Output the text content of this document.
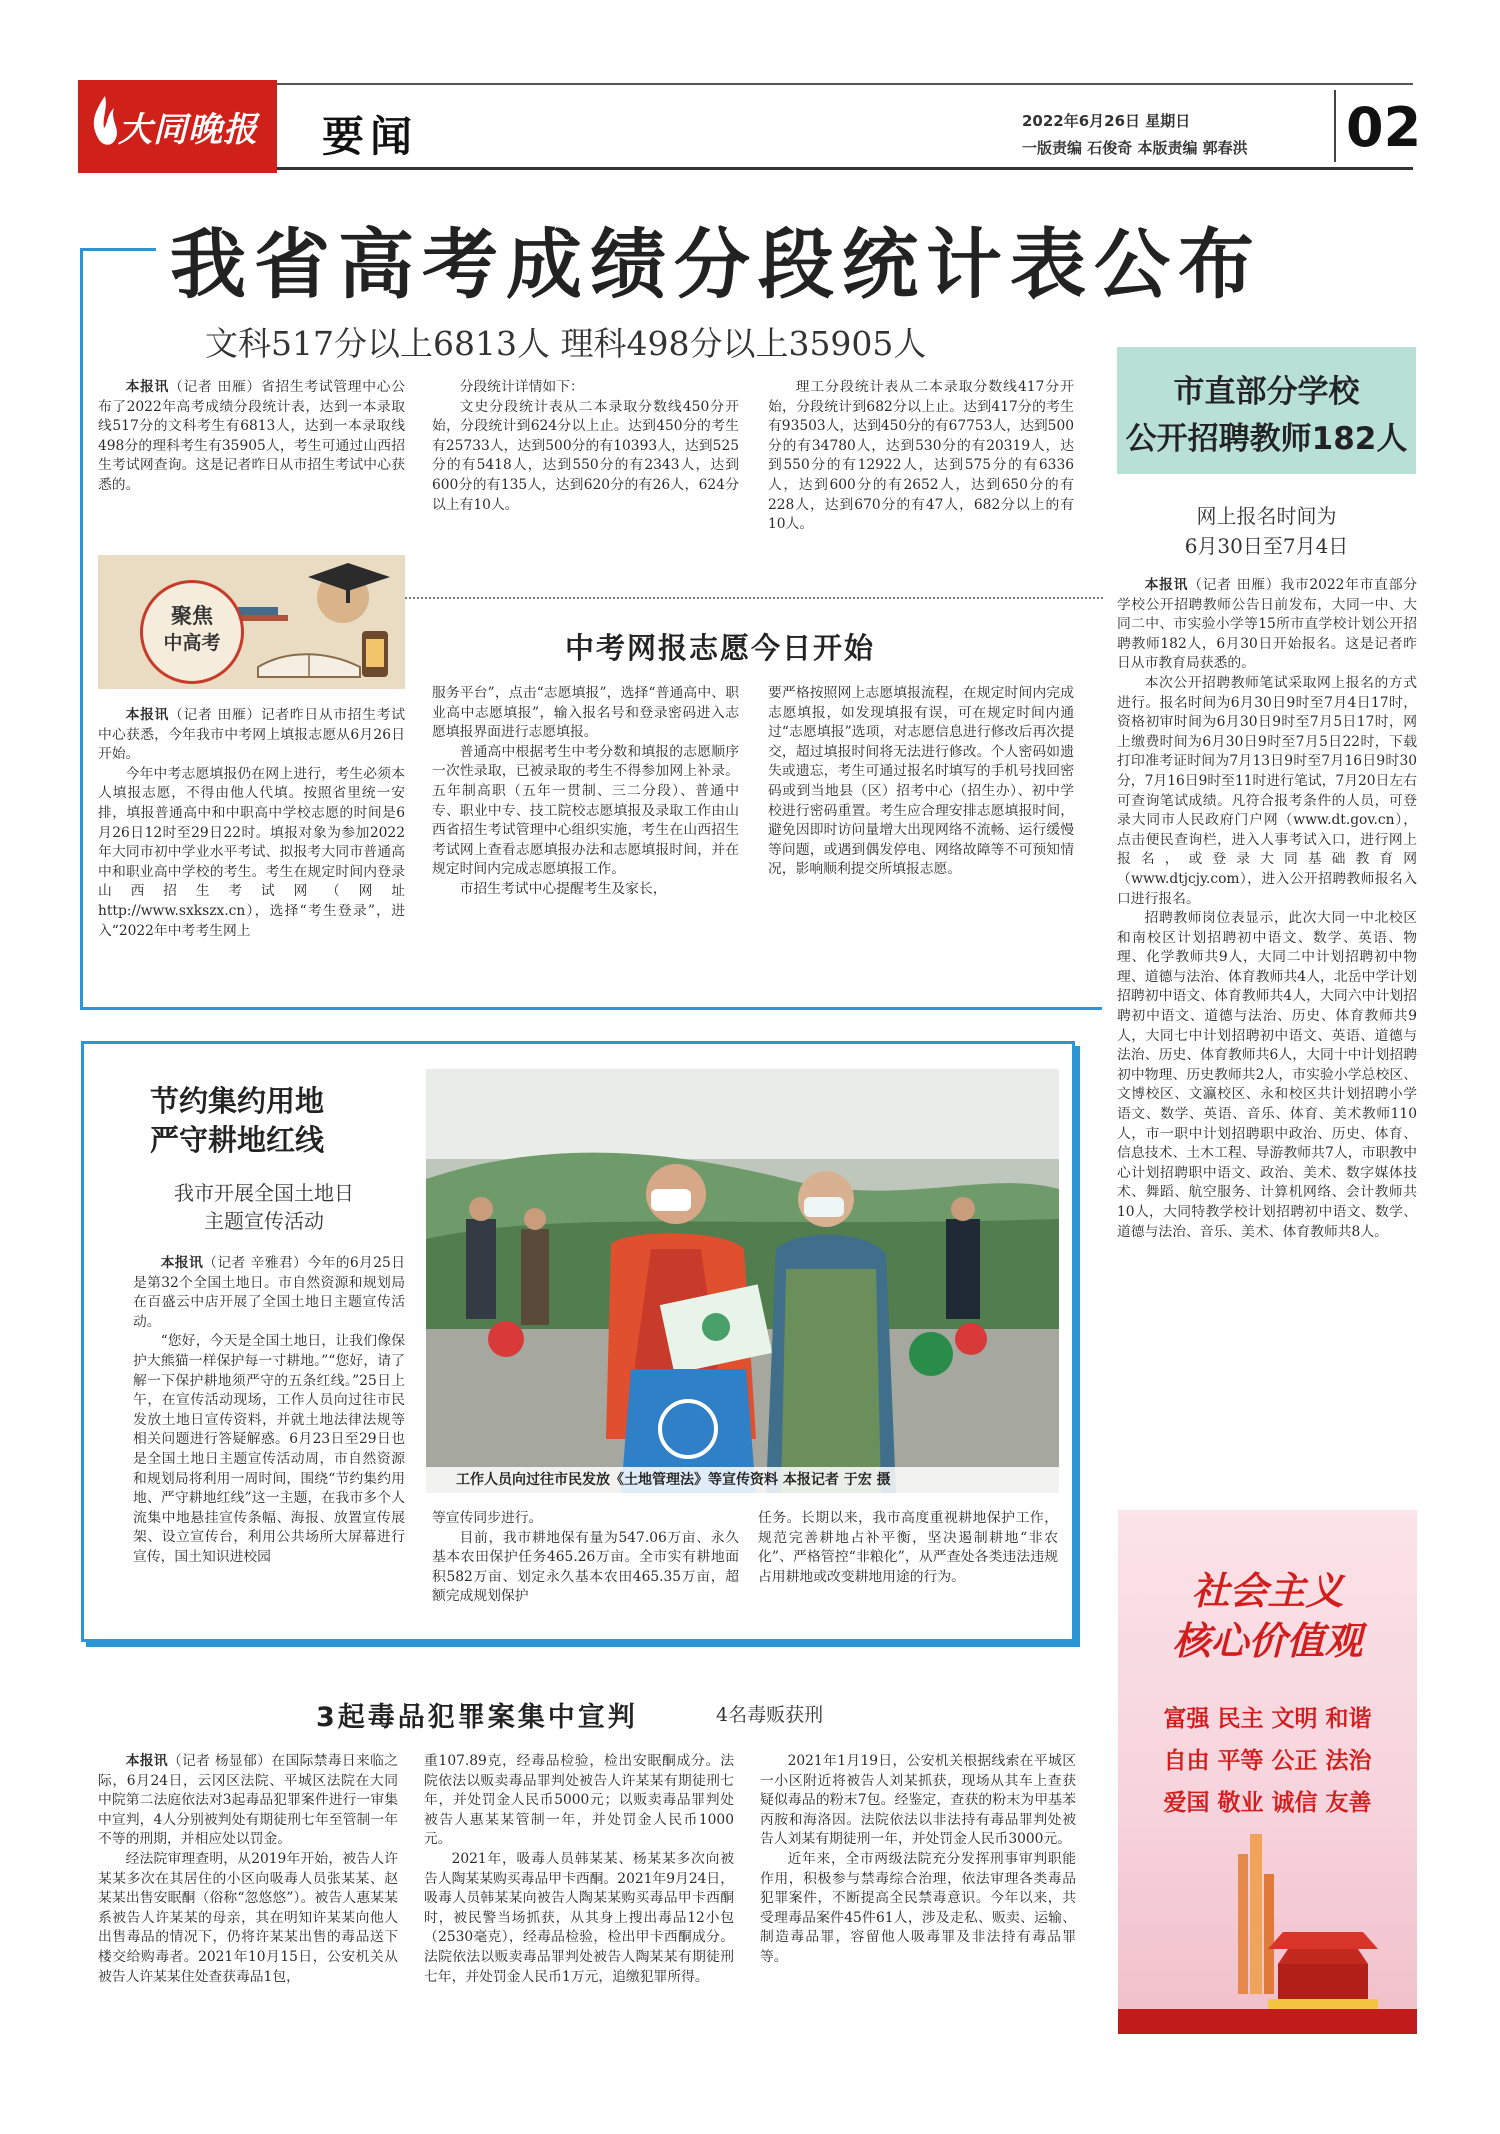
大同晚报 要闻	2022年6月26日 星期日
一版责编 石俊奇 本版责编 郭春洪 02
我省高考成绩分段统计表公布
文科517分以上6813人 理科498分以上35905人

本报讯（记者 田雁）省招生考试管理中心公布了2022年高考成绩分段统计表，达到一本录取线517分的文科考生有6813人，达到一本录取线498分的理科考生有35905人，考生可通过山西招生考试网查询。这是记者昨日从市招生考试中心获悉的。

分段统计详情如下：

文史分段统计表从二本录取分数线450分开始，分段统计到624分以上止。达到450分的考生有25733人，达到500分的有10393人，达到525分的有5418人，达到550分的有2343人，达到600分的有135人，达到620分的有26人，624分以上有10人。

理工分段统计表从二本录取分数线417分开始，分段统计到682分以上止。达到417分的考生有93503人，达到450分的有67753人，达到500分的有34780人，达到530分的有20319人，达到550分的有12922人，达到575分的有6336人，达到600分的有2652人，达到650分的有228人，达到670分的有47人，682分以上的有10人。

聚焦
中高考	中考网报志愿今日开始

本报讯（记者 田雁）记者昨日从市招生考试中心获悉，今年我市中考网上填报志愿从6月26日开始。

今年中考志愿填报仍在网上进行，考生必须本人填报志愿，不得由他人代填。按照省里统一安排，填报普通高中和中职高中学校志愿的时间是6月26日12时至29日22时。填报对象为参加2022年大同市初中学业水平考试、拟报考大同市普通高中和职业高中学校的考生。考生在规定时间内登录山西招生考试网（网址 http://www.sxkszx.cn），选择“考生登录”，进入“2022年中考考生网上

服务平台”，点击“志愿填报”，选择“普通高中、职业高中志愿填报”，输入报名号和登录密码进入志愿填报界面进行志愿填报。

普通高中根据考生中考分数和填报的志愿顺序一次性录取，已被录取的考生不得参加网上补录。五年制高职（五年一贯制、三二分段）、普通中专、职业中专、技工院校志愿填报及录取工作由山西省招生考试管理中心组织实施，考生在山西招生考试网上查看志愿填报办法和志愿填报时间，并在规定时间内完成志愿填报工作。

市招生考试中心提醒考生及家长，

要严格按照网上志愿填报流程，在规定时间内完成志愿填报，如发现填报有误，可在规定时间内通过“志愿填报”选项，对志愿信息进行修改后再次提交，超过填报时间将无法进行修改。个人密码如遗失或遗忘，考生可通过报名时填写的手机号找回密码或到当地县（区）招考中心（招生办）、初中学校进行密码重置。考生应合理安排志愿填报时间，避免因即时访问量增大出现网络不流畅、运行缓慢等问题，或遇到偶发停电、网络故障等不可预知情况，影响顺利提交所填报志愿。

市直部分学校
公开招聘教师182人
网上报名时间为
6月30日至7月4日

本报讯（记者 田雁）我市2022年市直部分学校公开招聘教师公告日前发布，大同一中、大同二中、市实验小学等15所市直学校计划公开招聘教师182人，6月30日开始报名。这是记者昨日从市教育局获悉的。

本次公开招聘教师笔试采取网上报名的方式进行。报名时间为6月30日9时至7月4日17时，资格初审时间为6月30日9时至7月5日17时，网上缴费时间为6月30日9时至7月5日22时，下载打印准考证时间为7月13日9时至7月16日9时30分，7月16日9时至11时进行笔试，7月20日左右可查询笔试成绩。凡符合报考条件的人员，可登录大同市人民政府门户网（www.dt.gov.cn），点击便民查询栏，进入人事考试入口，进行网上报名，或登录大同基础教育网（www.dtjcjy.com），进入公开招聘教师报名入口进行报名。

招聘教师岗位表显示，此次大同一中北校区和南校区计划招聘初中语文、数学、英语、物理、化学教师共9人，大同二中计划招聘初中物理、道德与法治、体育教师共4人，北岳中学计划招聘初中语文、体育教师共4人，大同六中计划招聘初中语文、道德与法治、历史、体育教师共9人，大同七中计划招聘初中语文、英语、道德与法治、历史、体育教师共6人，大同十中计划招聘初中物理、历史教师共2人，市实验小学总校区、文博校区、文瀛校区、永和校区共计划招聘小学语文、数学、英语、音乐、体育、美术教师110人，市一职中计划招聘职中政治、历史、体育、信息技术、土木工程、导游教师共7人，市职教中心计划招聘职中语文、政治、美术、数字媒体技术、舞蹈、航空服务、计算机网络、会计教师共10人，大同特教学校计划招聘初中语文、数学、道德与法治、音乐、美术、体育教师共8人。

节约集约用地
严守耕地红线
我市开展全国土地日
主题宣传活动
工作人员向过往市民发放《土地管理法》等宣传资料 本报记者 于宏 摄

本报讯（记者 辛雅君）今年的6月25日是第32个全国土地日。市自然资源和规划局在百盛云中店开展了全国土地日主题宣传活动。

“您好，今天是全国土地日，让我们像保护大熊猫一样保护每一寸耕地。”“您好，请了解一下保护耕地须严守的五条红线。”25日上午，在宣传活动现场，工作人员向过往市民发放土地日宣传资料，并就土地法律法规等相关问题进行答疑解惑。6月23日至29日也是全国土地日主题宣传活动周，市自然资源和规划局将利用一周时间，围绕“节约集约用地、严守耕地红线”这一主题，在我市多个人流集中地悬挂宣传条幅、海报、放置宣传展架、设立宣传台，利用公共场所大屏幕进行宣传，国土知识进校园

等宣传同步进行。

目前，我市耕地保有量为547.06万亩、永久基本农田保护任务465.26万亩。全市实有耕地面积582万亩、划定永久基本农田465.35万亩，超额完成规划保护

任务。长期以来，我市高度重视耕地保护工作，规范完善耕地占补平衡，坚决遏制耕地“非农化”、严格管控“非粮化”，从严查处各类违法违规占用耕地或改变耕地用途的行为。

3起毒品犯罪案集中宣判	4名毒贩获刑

本报讯（记者 杨显郁）在国际禁毒日来临之际，6月24日，云冈区法院、平城区法院在大同中院第二法庭依法对3起毒品犯罪案件进行一审集中宣判，4人分别被判处有期徒刑七年至管制一年不等的刑期，并相应处以罚金。

经法院审理查明，从2019年开始，被告人许某某多次在其居住的小区向吸毒人员张某某、赵某某出售安眠酮（俗称“忽悠悠”）。被告人惠某某系被告人许某某的母亲，其在明知许某某向他人出售毒品的情况下，仍将许某某出售的毒品送下楼交给购毒者。2021年10月15日，公安机关从被告人许某某住处查获毒品1包，

重107.89克，经毒品检验，检出安眠酮成分。法院依法以贩卖毒品罪判处被告人许某某有期徒刑七年，并处罚金人民币5000元；以贩卖毒品罪判处被告人惠某某管制一年，并处罚金人民币1000元。

2021年，吸毒人员韩某某、杨某某多次向被告人陶某某购买毒品甲卡西酮。2021年9月24日，吸毒人员韩某某向被告人陶某某购买毒品甲卡西酮时，被民警当场抓获，从其身上搜出毒品12小包（2530毫克），经毒品检验，检出甲卡西酮成分。法院依法以贩卖毒品罪判处被告人陶某某有期徒刑七年，并处罚金人民币1万元，追缴犯罪所得。

2021年1月19日，公安机关根据线索在平城区一小区附近将被告人刘某抓获，现场从其车上查获疑似毒品的粉末7包。经鉴定，查获的粉末为甲基苯丙胺和海洛因。法院依法以非法持有毒品罪判处被告人刘某有期徒刑一年，并处罚金人民币3000元。

近年来，全市两级法院充分发挥刑事审判职能作用，积极参与禁毒综合治理，依法审理各类毒品犯罪案件，不断提高全民禁毒意识。今年以来，共受理毒品案件45件61人，涉及走私、贩卖、运输、制造毒品罪，容留他人吸毒罪及非法持有毒品罪等。

社会主义
核心价值观
富强 民主 文明 和谐
自由 平等 公正 法治
爱国 敬业 诚信 友善
